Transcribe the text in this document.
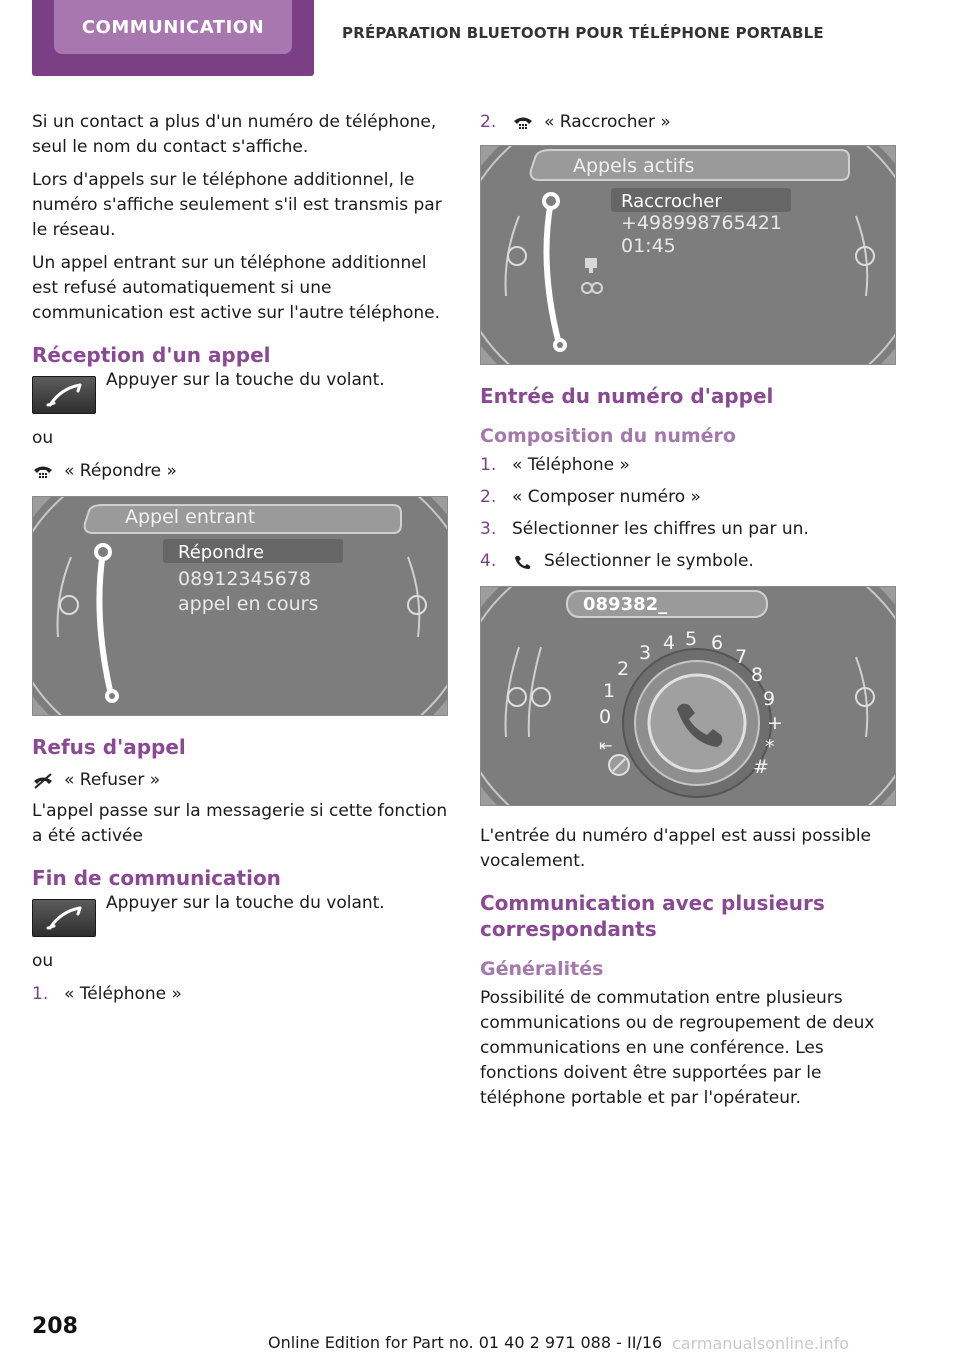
COMMUNICATION	PRÉPARATION BLUETOOTH POUR TÉLÉPHONE PORTABLE

Si un contact a plus d'un numéro de téléphone, seul le nom du contact s'affiche.

Lors d'appels sur le téléphone additionnel, le numéro s'affiche seulement s'il est transmis par le réseau.

Un appel entrant sur un téléphone additionnel est refusé automatiquement si une communication est active sur l'autre téléphone.

Réception d'un appel
Appuyer sur la touche du volant.

ou

« Répondre »
Appel entrant
Répondre
08912345678
appel en cours
Refus d'appel
« Refuser »

L'appel passe sur la messagerie si cette fonction a été activée

Fin de communication
Appuyer sur la touche du volant.

ou

1. « Téléphone »
2.	« Raccrocher »
Appels actifs
Raccrocher
+498998765421
01:45
Entrée du numéro d'appel
Composition du numéro
1. « Téléphone »
2. « Composer numéro »
3. Sélectionner les chiffres un par un.
4.	Sélectionner le symbole.
089382_
0
1
2
3 4 5 6
7
8
9
+
*
#
⇤

L'entrée du numéro d'appel est aussi possible vocalement.

Communication avec plusieurs correspondants
Généralités

Possibilité de commutation entre plusieurs communications ou de regroupement de deux communications en une conférence. Les fonctions doivent être supportées par le téléphone portable et par l'opérateur.

208
Online Edition for Part no. 01 40 2 971 088 - II/16 carmanualsonline.info
